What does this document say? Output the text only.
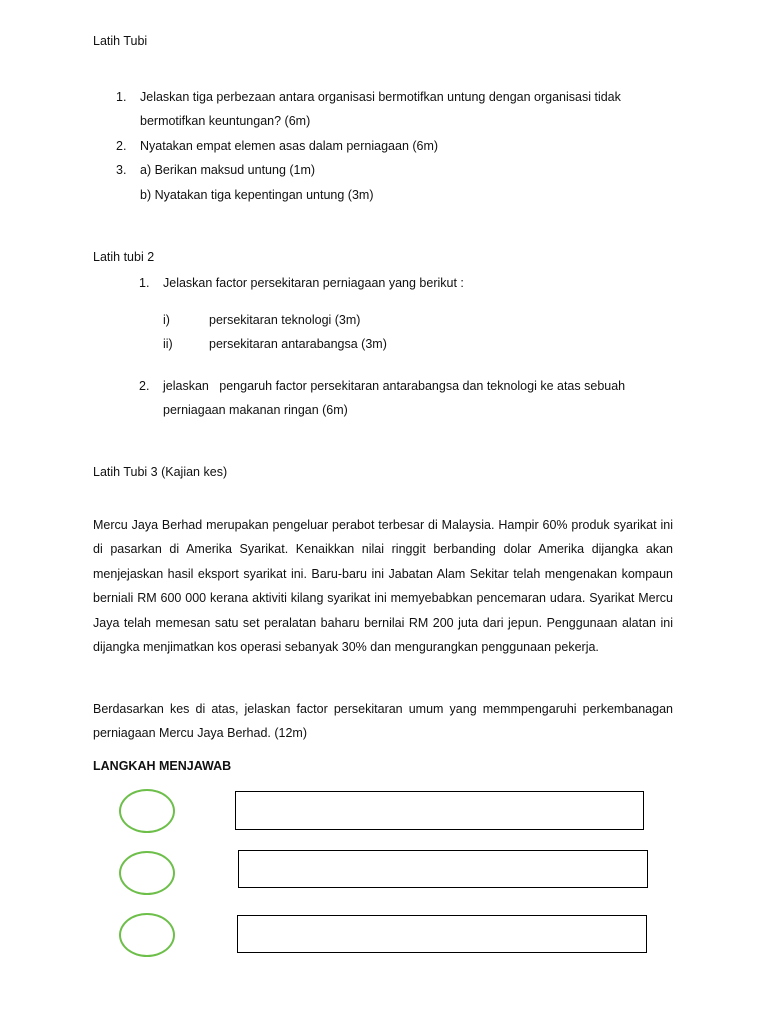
Latih Tubi
1. Jelaskan tiga perbezaan antara organisasi bermotifkan untung dengan organisasi tidak
bermotifkan keuntungan? (6m)
2. Nyatakan empat elemen asas dalam perniagaan (6m)
3. a) Berikan maksud untung (1m)
b) Nyatakan tiga kepentingan untung (3m)
Latih tubi 2
1. Jelaskan factor persekitaran perniagaan yang berikut :
i)	persekitaran teknologi (3m)
ii)	persekitaran antarabangsa (3m)
2. jelaskan   pengaruh factor persekitaran antarabangsa dan teknologi ke atas sebuah
perniagaan makanan ringan (6m)
Latih Tubi 3 (Kajian kes)
Mercu Jaya Berhad merupakan pengeluar perabot terbesar di Malaysia. Hampir 60% produk syarikat ini di pasarkan di Amerika Syarikat. Kenaikkan nilai ringgit berbanding dolar Amerika dijangka akan menjejaskan hasil eksport syarikat ini. Baru-baru ini Jabatan Alam Sekitar telah mengenakan kompaun berniali RM 600 000 kerana aktiviti kilang syarikat ini memyebabkan pencemaran udara. Syarikat Mercu Jaya telah memesan satu set peralatan baharu bernilai RM 200 juta dari jepun. Penggunaan alatan ini dijangka menjimatkan kos operasi sebanyak 30% dan mengurangkan penggunaan pekerja.
Berdasarkan kes di atas, jelaskan factor persekitaran umum yang memmpengaruhi perkembanagan perniagaan Mercu Jaya Berhad. (12m)
LANGKAH MENJAWAB
